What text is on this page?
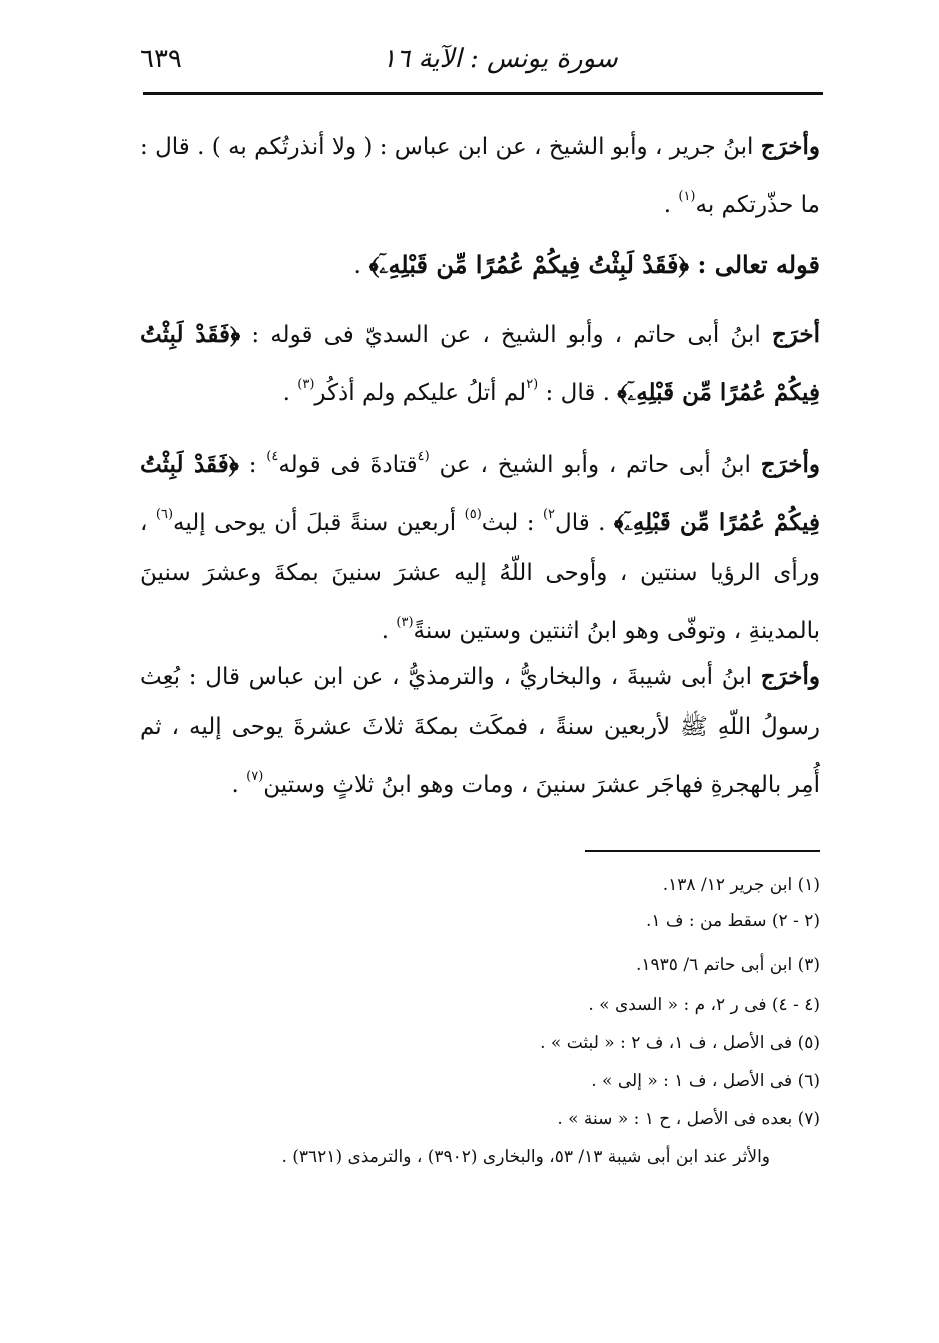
٦٣٩	سورة يونس : الآية ١٦
وأخرَج ابنُ جرير ، وأبو الشيخ ، عن ابن عباس : ( ولا أنذرتُكم به ) . قال : ما حذّرتكم به$^{(١)}$ .
قوله تعالى : ﴿فَقَدْ لَبِثْتُ فِيكُمْ عُمُرًا مِّن قَبْلِهِۦٓ﴾ .
أخرَج ابنُ أبى حاتم ، وأبو الشيخ ، عن السديّ فى قوله : ﴿فَقَدْ لَبِثْتُ فِيكُمْ عُمُرًا مِّن قَبْلِهِۦٓ﴾ . قال : $^{(٢}$لم أتلُ عليكم ولم أذكُر$^{(٣)}$ .
وأخرَج ابنُ أبى حاتم ، وأبو الشيخ ، عن $^{(٤}$قتادةَ فى قوله$^{٤)}$ : ﴿فَقَدْ لَبِثْتُ فِيكُمْ عُمُرًا مِّن قَبْلِهِۦٓ﴾ . قال$^{٢)}$ : لبث$^{(٥)}$ أربعين سنةً قبلَ أن يوحى إليه$^{(٦)}$ ، ورأى الرؤيا سنتين ، وأوحى اللّهُ إليه عشرَ سنينَ بمكةَ وعشرَ سنينَ بالمدينةِ ، وتوفّى وهو ابنُ اثنتين وستين سنةً$^{(٣)}$ .
وأخرَج ابنُ أبى شيبةَ ، والبخاريُّ ، والترمذيُّ ، عن ابن عباس قال : بُعِث رسولُ اللّهِ ﷺ لأربعين سنةً ، فمكَث بمكةَ ثلاثَ عشرةَ يوحى إليه ، ثم أُمِر بالهجرةِ فهاجَر عشرَ سنينَ ، ومات وهو ابنُ ثلاثٍ وستين$^{(٧)}$ .
(١) ابن جرير ١٢/ ١٣٨.
(٢ - ٢) سقط من : ف ١.
(٣) ابن أبى حاتم ٦/ ١٩٣٥.
(٤ - ٤) فى ر ٢، م : « السدى » .
(٥) فى الأصل ، ف ١، ف ٢ : « لبثت » .
(٦) فى الأصل ، ف ١ : « إلى » .
(٧) بعده فى الأصل ، ح ١ : « سنة » .
والأثر عند ابن أبى شيبة ١٣/ ٥٣، والبخارى (٣٩٠٢) ، والترمذى (٣٦٢١) .
